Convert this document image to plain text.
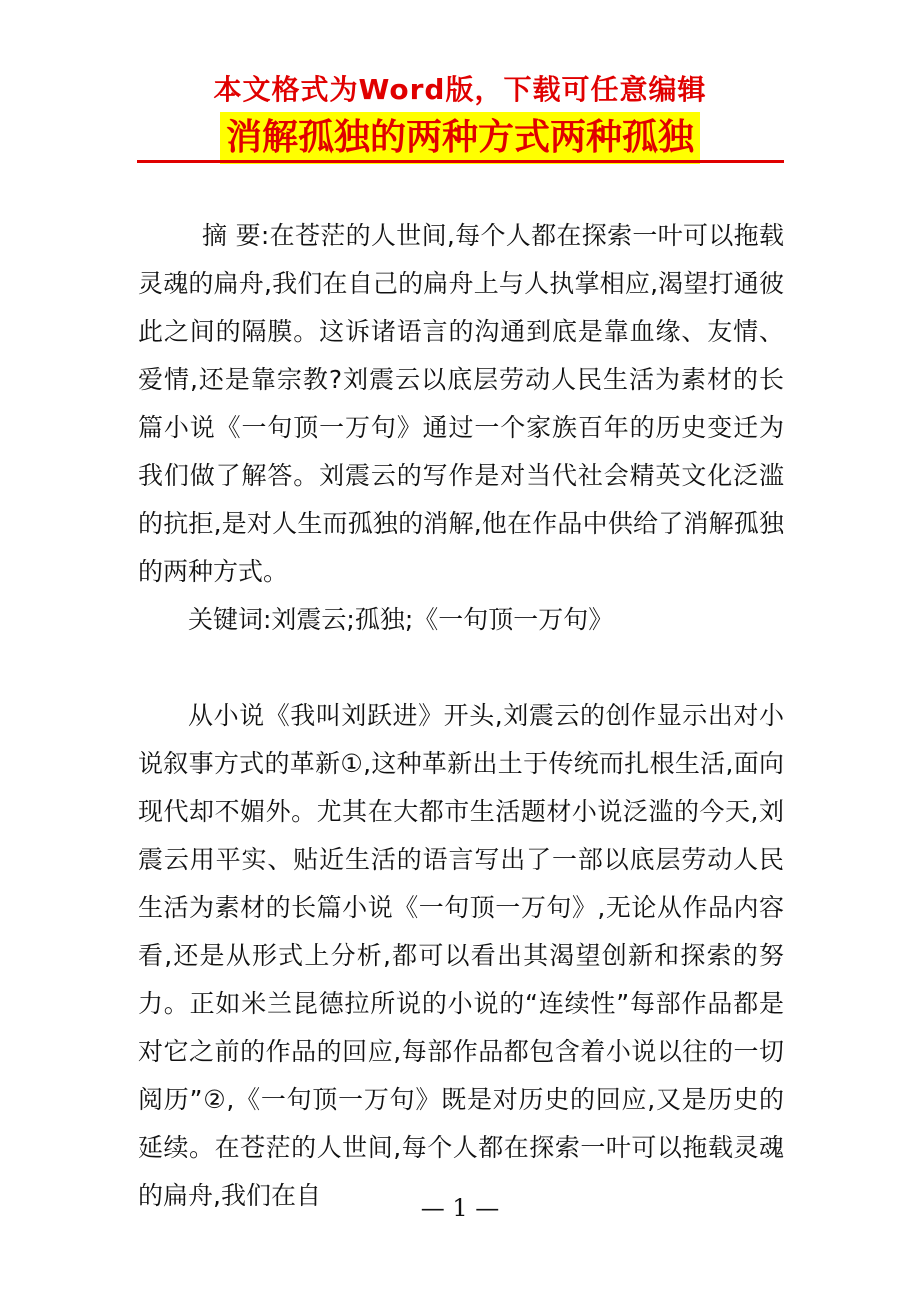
本文格式为Word版，下载可任意编辑
消解孤独的两种方式两种孤独
摘 要:在苍茫的人世间,每个人都在探索一叶可以拖载灵魂的扁舟,我们在自己的扁舟上与人执掌相应,渴望打通彼此之间的隔膜。这诉诸语言的沟通到底是靠血缘、友情、爱情,还是靠宗教?刘震云以底层劳动人民生活为素材的长篇小说《一句顶一万句》通过一个家族百年的历史变迁为我们做了解答。刘震云的写作是对当代社会精英文化泛滥的抗拒,是对人生而孤独的消解,他在作品中供给了消解孤独的两种方式。
关键词:刘震云;孤独;《一句顶一万句》
从小说《我叫刘跃进》开头,刘震云的创作显示出对小说叙事方式的革新①,这种革新出土于传统而扎根生活,面向现代却不媚外。尤其在大都市生活题材小说泛滥的今天,刘震云用平实、贴近生活的语言写出了一部以底层劳动人民生活为素材的长篇小说《一句顶一万句》,无论从作品内容看,还是从形式上分析,都可以看出其渴望创新和探索的努力。正如米兰昆德拉所说的小说的“连续性”每部作品都是对它之前的作品的回应,每部作品都包含着小说以往的一切阅历”②,《一句顶一万句》既是对历史的回应,又是历史的延续。在苍茫的人世间,每个人都在探索一叶可以拖载灵魂的扁舟,我们在自	— 1 —
